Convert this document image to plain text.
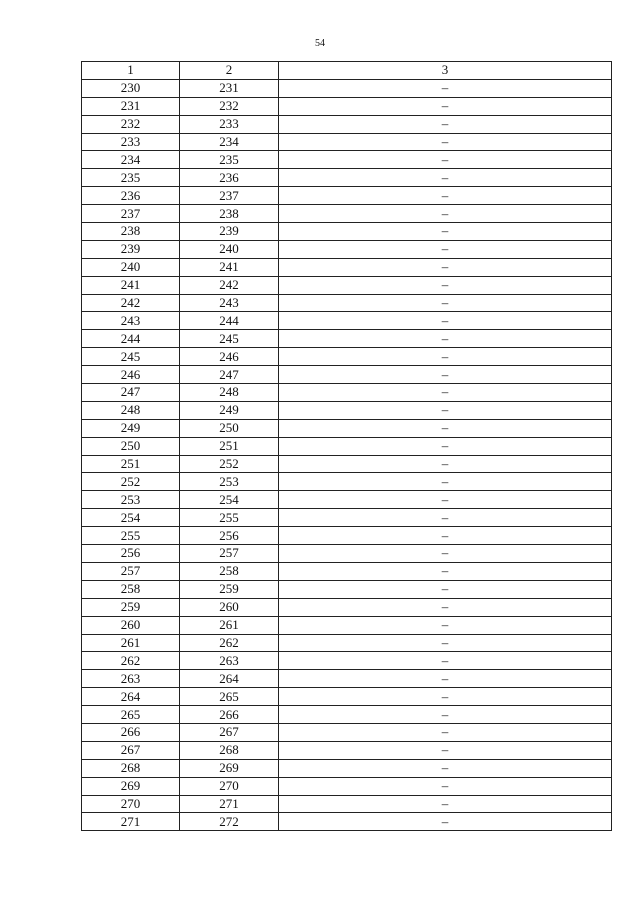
54
1	2	3
230	231	–
231	232	–
232	233	–
233	234	–
234	235	–
235	236	–
236	237	–
237	238	–
238	239	–
239	240	–
240	241	–
241	242	–
242	243	–
243	244	–
244	245	–
245	246	–
246	247	–
247	248	–
248	249	–
249	250	–
250	251	–
251	252	–
252	253	–
253	254	–
254	255	–
255	256	–
256	257	–
257	258	–
258	259	–
259	260	–
260	261	–
261	262	–
262	263	–
263	264	–
264	265	–
265	266	–
266	267	–
267	268	–
268	269	–
269	270	–
270	271	–
271	272	–
